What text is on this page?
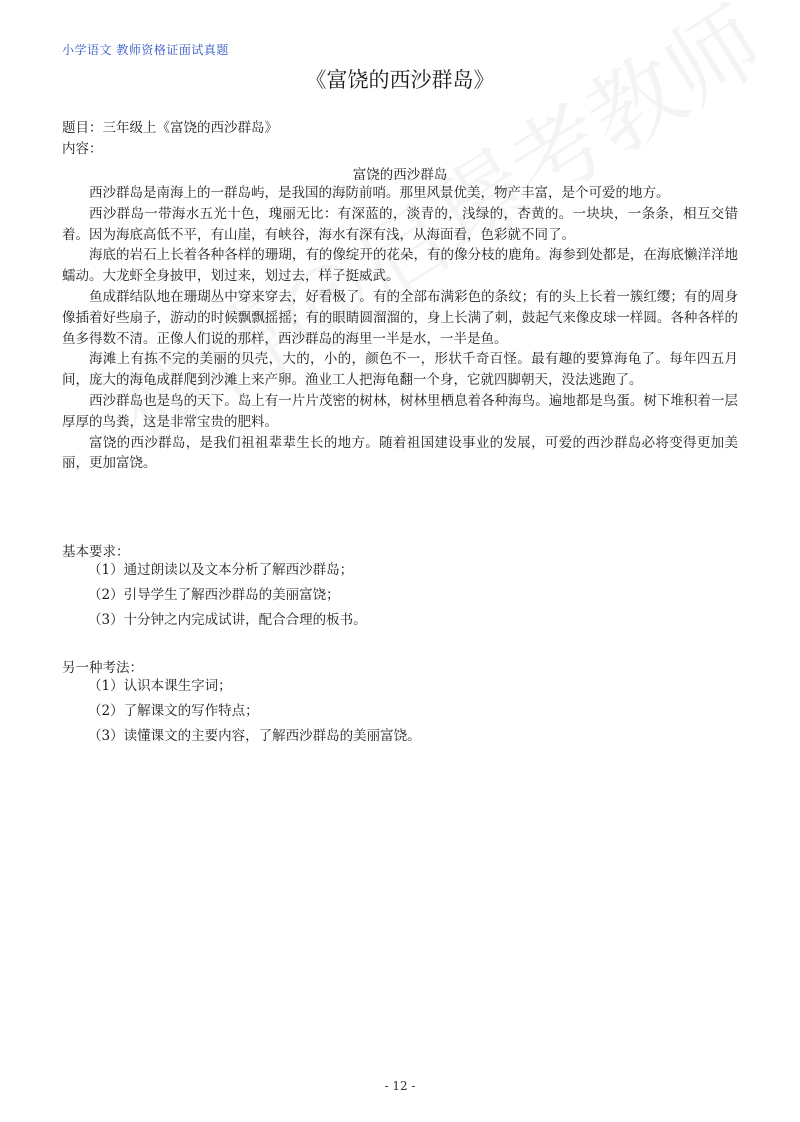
小学语文 教师资格证面试真题
《富饶的西沙群岛》
题目：三年级上《富饶的西沙群岛》
内容：
富饶的西沙群岛

西沙群岛是南海上的一群岛屿，是我国的海防前哨。那里风景优美，物产丰富，是个可爱的地方。

西沙群岛一带海水五光十色，瑰丽无比：有深蓝的，淡青的，浅绿的，杏黄的。一块块，一条条，相互交错着。因为海底高低不平，有山崖，有峡谷，海水有深有浅，从海面看，色彩就不同了。

海底的岩石上长着各种各样的珊瑚，有的像绽开的花朵，有的像分枝的鹿角。海参到处都是，在海底懒洋洋地蠕动。大龙虾全身披甲，划过来，划过去，样子挺威武。

鱼成群结队地在珊瑚丛中穿来穿去，好看极了。有的全部布满彩色的条纹；有的头上长着一簇红缨；有的周身像插着好些扇子，游动的时候飘飘摇摇；有的眼睛圆溜溜的，身上长满了刺，鼓起气来像皮球一样圆。各种各样的鱼多得数不清。正像人们说的那样，西沙群岛的海里一半是水，一半是鱼。

海滩上有拣不完的美丽的贝壳，大的，小的，颜色不一，形状千奇百怪。最有趣的要算海龟了。每年四五月间，庞大的海龟成群爬到沙滩上来产卵。渔业工人把海龟翻一个身，它就四脚朝天，没法逃跑了。

西沙群岛也是鸟的天下。岛上有一片片茂密的树林，树林里栖息着各种海鸟。遍地都是鸟蛋。树下堆积着一层厚厚的鸟粪，这是非常宝贵的肥料。

富饶的西沙群岛，是我们祖祖辈辈生长的地方。随着祖国建设事业的发展，可爱的西沙群岛必将变得更加美丽，更加富饶。

基本要求：
（1）通过朗读以及文本分析了解西沙群岛；
（2）引导学生了解西沙群岛的美丽富饶；
（3）十分钟之内完成试讲，配合合理的板书。
另一种考法：
（1）认识本课生字词；
（2）了解课文的写作特点；
（3）读懂课文的主要内容，了解西沙群岛的美丽富饶。
- 12 -
